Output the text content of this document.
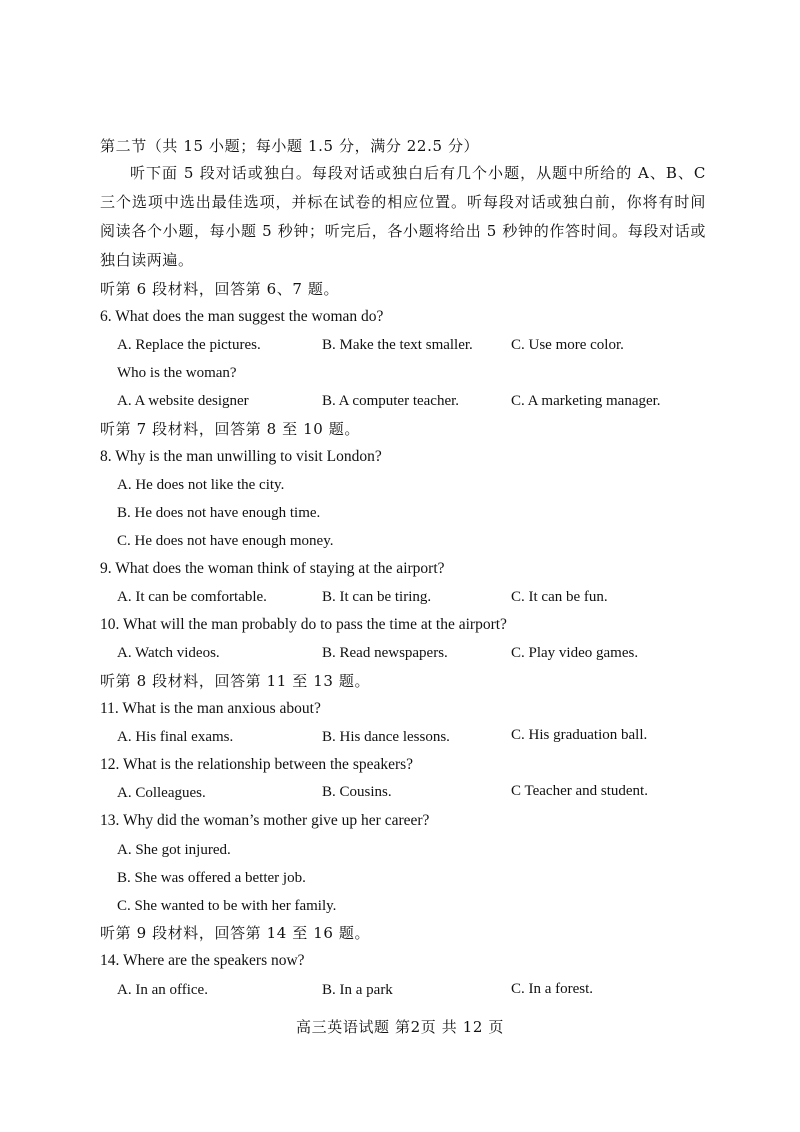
第二节（共 15 小题；每小题 1.5 分，满分 22.5 分）
听下面 5 段对话或独白。每段对话或独白后有几个小题，从题中所给的 A、B、C 三个选项中选出最佳选项，并标在试卷的相应位置。听每段对话或独白前，你将有时间阅读各个小题，每小题 5 秒钟；听完后，各小题将给出 5 秒钟的作答时间。每段对话或独白读两遍。
听第 6 段材料，回答第 6、7 题。
6. What does the man suggest the woman do?
A. Replace the pictures.	B. Make the text smaller.	C. Use more color.
Who is the woman?
A. A website designer	B. A computer teacher.	C. A marketing manager.
听第 7 段材料，回答第 8 至 10 题。
8. Why is the man unwilling to visit London?
A. He does not like the city.
B. He does not have enough time.
C. He does not have enough money.
9. What does the woman think of staying at the airport?
A. It can be comfortable.	B. It can be tiring.	C. It can be fun.
10. What will the man probably do to pass the time at the airport?
A. Watch videos.	B. Read newspapers.	C. Play video games.
听第 8 段材料，回答第 11 至 13 题。
11. What is the man anxious about?
A. His final exams.	B. His dance lessons.	C. His graduation ball.
12. What is the relationship between the speakers?
A. Colleagues.	B. Cousins.	C Teacher and student.
13. Why did the woman’s mother give up her career?
A. She got injured.
B. She was offered a better job.
C. She wanted to be with her family.
听第 9 段材料，回答第 14 至 16 题。
14. Where are the speakers now?
A. In an office.	B. In a park	C. In a forest.
高三英语试题 第2页 共 12 页
